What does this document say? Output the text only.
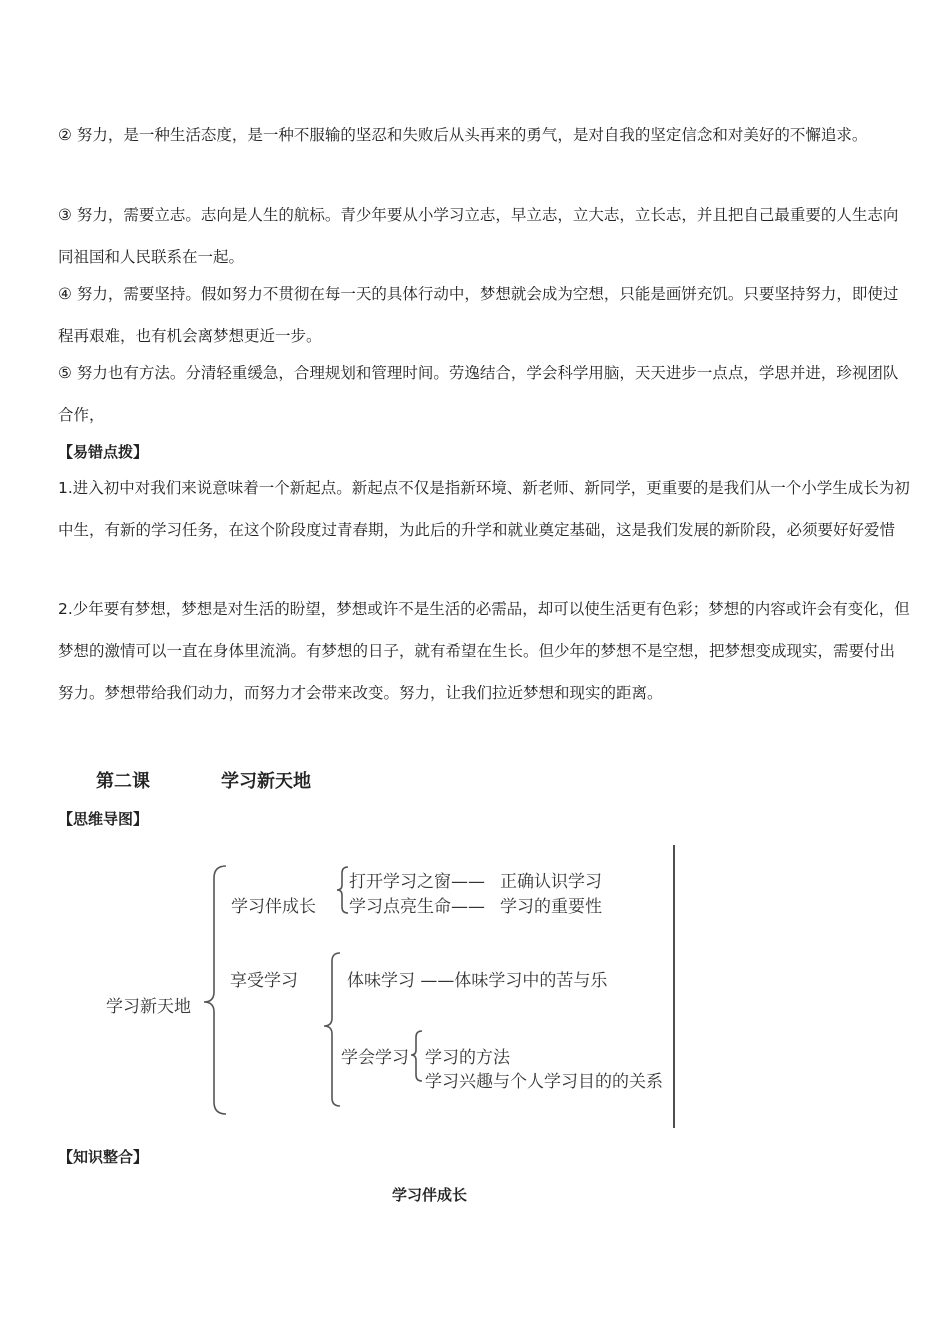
② 努力，是一种生活态度，是一种不服输的坚忍和失败后从头再来的勇气，是对自我的坚定信念和对美好的不懈追求。

③ 努力，需要立志。志向是人生的航标。青少年要从小学习立志，早立志，立大志，立长志，并且把自己最重要的人生志向同祖国和人民联系在一起。

④ 努力，需要坚持。假如努力不贯彻在每一天的具体行动中，梦想就会成为空想，只能是画饼充饥。只要坚持努力，即使过程再艰难，也有机会离梦想更近一步。

⑤ 努力也有方法。分清轻重缓急，合理规划和管理时间。劳逸结合，学会科学用脑，天天进步一点点，学思并进，珍视团队合作，

【易错点拨】

1.进入初中对我们来说意味着一个新起点。新起点不仅是指新环境、新老师、新同学，更重要的是我们从一个小学生成长为初中生，有新的学习任务，在这个阶段度过青春期，为此后的升学和就业奠定基础，这是我们发展的新阶段，必须要好好爱惜

2.少年要有梦想，梦想是对生活的盼望，梦想或许不是生活的必需品，却可以使生活更有色彩；梦想的内容或许会有变化，但梦想的激情可以一直在身体里流淌。有梦想的日子，就有希望在生长。但少年的梦想不是空想，把梦想变成现实，需要付出努力。梦想带给我们动力，而努力才会带来改变。努力，让我们拉近梦想和现实的距离。

第二课	学习新天地
【思维导图】
学习新天地
学习伴成长
打开学习之窗—— 正确认识学习
学习点亮生命—— 学习的重要性
享受学习	体味学习 ——体味学习中的苦与乐
学会学习 学习的方法
学习兴趣与个人学习目的的关系
【知识整合】
学习伴成长
